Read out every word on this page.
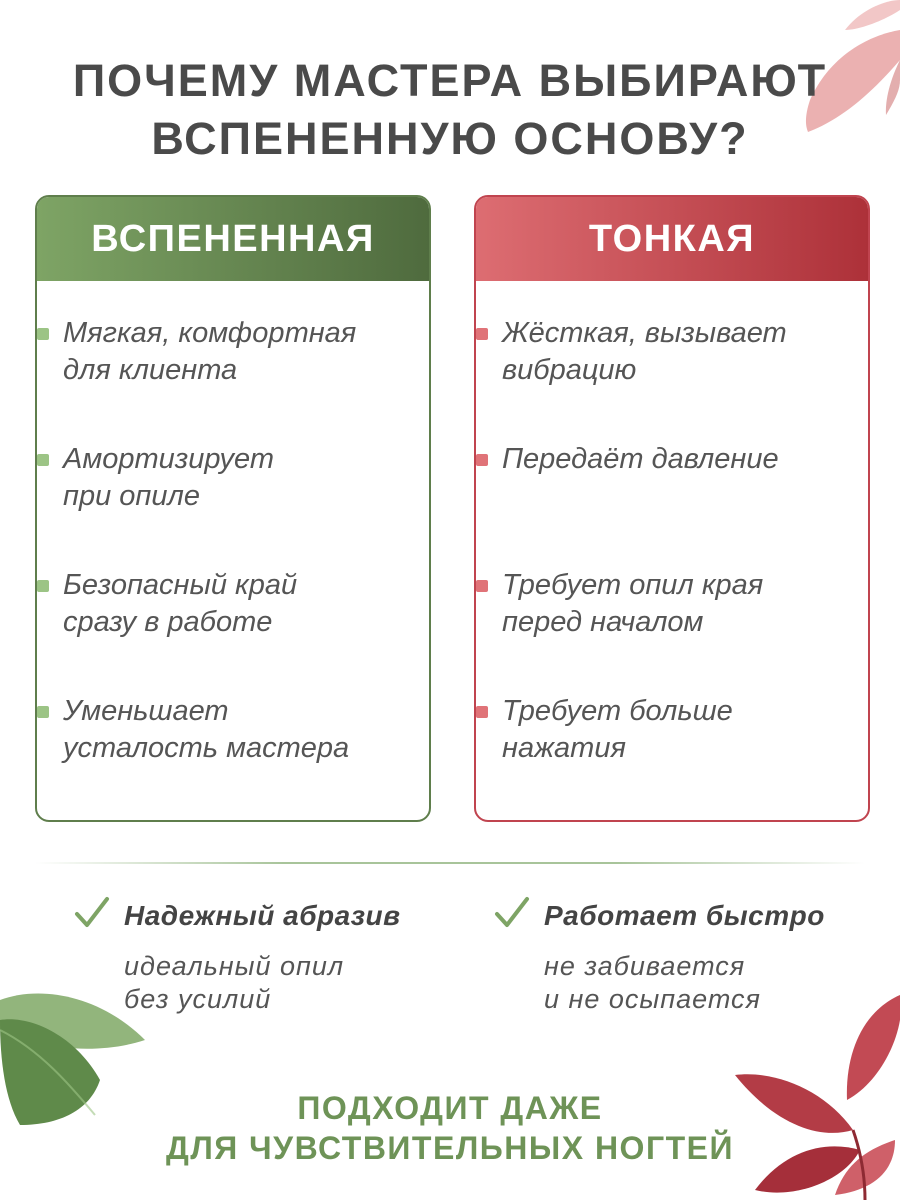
ПОЧЕМУ МАСТЕРА ВЫБИРАЮТ
ВСПЕНЕННУЮ ОСНОВУ?
ВСПЕНЕННАЯ
Мягкая, комфортная
для клиента
Амортизирует
при опиле
Безопасный край
сразу в работе
Уменьшает
усталость мастера
ТОНКАЯ
Жёсткая, вызывает
вибрацию
Передаёт давление
Требует опил края
перед началом
Требует больше
нажатия
Надежный абразив
идеальный опил
без усилий
Работает быстро
не забивается
и не осыпается
ПОДХОДИТ ДАЖЕ
ДЛЯ ЧУВСТВИТЕЛЬНЫХ НОГТЕЙ
